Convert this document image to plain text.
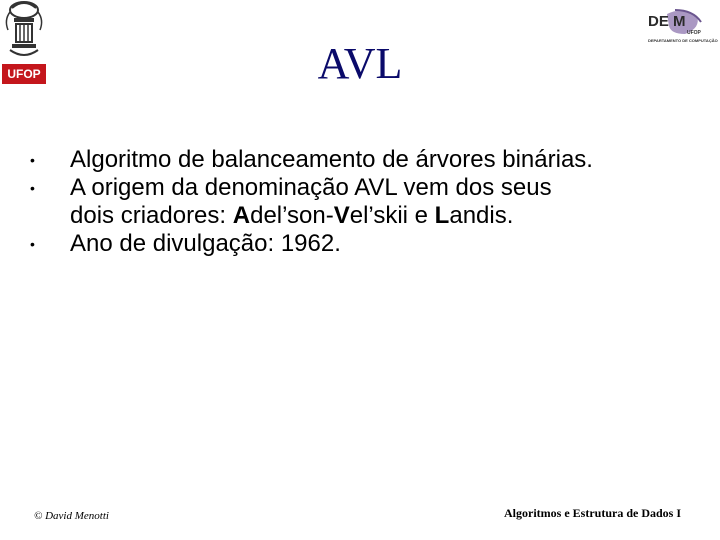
UFOP
DE M
UFOP
DEPARTAMENTO DE COMPUTAÇÃO
AVL
• Algoritmo de balanceamento de árvores binárias.
• A origem da denominação AVL vem dos seus
dois criadores: Adel’son-Vel’skii e Landis.
• Ano de divulgação: 1962.
© David Menotti	Algoritmos e Estrutura de Dados I
